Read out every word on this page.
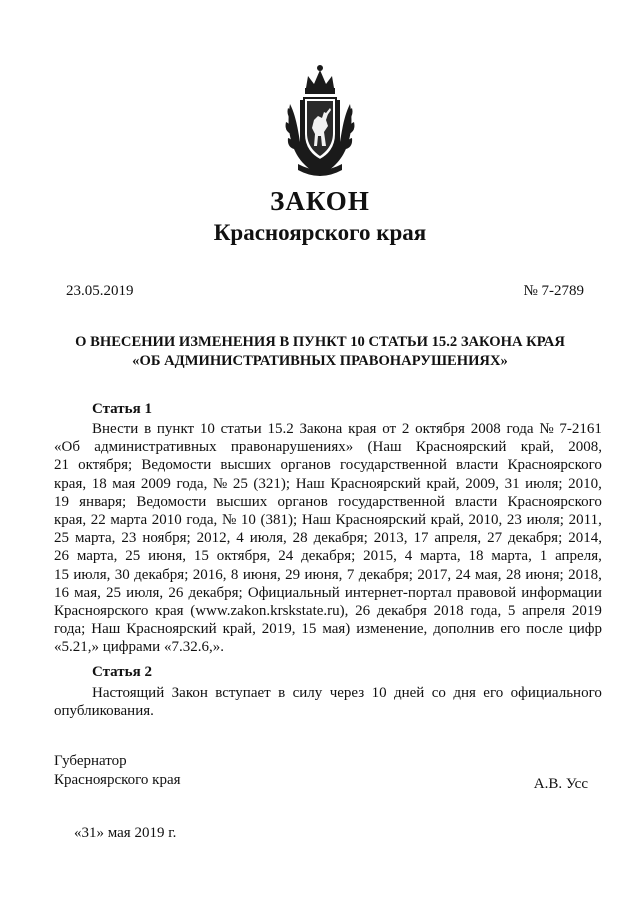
ЗАКОН
Красноярского края
23.05.2019	№ 7-2789
О ВНЕСЕНИИ ИЗМЕНЕНИЯ В ПУНКТ 10 СТАТЬИ 15.2 ЗАКОНА КРАЯ
«ОБ АДМИНИСТРАТИВНЫХ ПРАВОНАРУШЕНИЯХ»
Статья 1
Внести в пункт 10 статьи 15.2 Закона края от 2 октября 2008 года № 7-2161
«Об административных правонарушениях» (Наш Красноярский край, 2008,
21 октября; Ведомости высших органов государственной власти Красноярского
края, 18 мая 2009 года, № 25 (321); Наш Красноярский край, 2009, 31 июля; 2010,
19 января; Ведомости высших органов государственной власти Красноярского
края, 22 марта 2010 года, № 10 (381); Наш Красноярский край, 2010, 23 июля; 2011,
25 марта, 23 ноября; 2012, 4 июля, 28 декабря; 2013, 17 апреля, 27 декабря; 2014,
26 марта, 25 июня, 15 октября, 24 декабря; 2015, 4 марта, 18 марта, 1 апреля,
15 июля, 30 декабря; 2016, 8 июня, 29 июня, 7 декабря; 2017, 24 мая, 28 июня; 2018,
16 мая, 25 июля, 26 декабря; Официальный интернет-портал правовой информации
Красноярского края (www.zakon.krskstate.ru), 26 декабря 2018 года, 5 апреля 2019
года; Наш Красноярский край, 2019, 15 мая) изменение, дополнив его после цифр
«5.21,» цифрами «7.32.6,».
Статья 2
Настоящий Закон вступает в силу через 10 дней со дня его официального
опубликования.
Губернатор
Красноярского края	А.В. Усс
«31» мая 2019 г.
